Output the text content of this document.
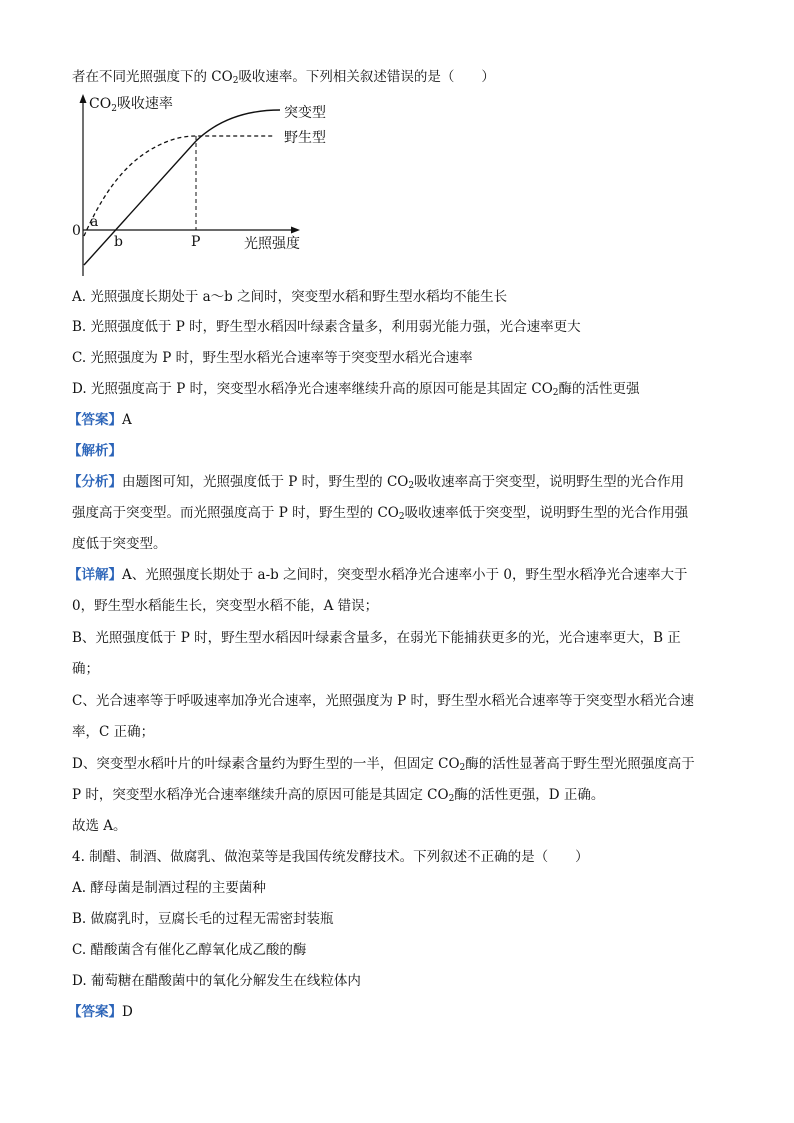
者在不同光照强度下的 $CO_2$吸收速率。下列相关叙述错误的是（　　）
$CO_2$吸收速率
0
a
b	P	光照强度
突变型
野生型
A. 光照强度长期处于 a～b 之间时，突变型水稻和野生型水稻均不能生长
B. 光照强度低于 P 时，野生型水稻因叶绿素含量多，利用弱光能力强，光合速率更大
C. 光照强度为 P 时，野生型水稻光合速率等于突变型水稻光合速率
D. 光照强度高于 P 时，突变型水稻净光合速率继续升高的原因可能是其固定 $CO_2$酶的活性更强
【答案】A
【解析】
【分析】由题图可知，光照强度低于 P 时，野生型的 $CO_2$吸收速率高于突变型，说明野生型的光合作用
强度高于突变型。而光照强度高于 P 时，野生型的 $CO_2$吸收速率低于突变型，说明野生型的光合作用强
度低于突变型。
【详解】A、光照强度长期处于 a-b 之间时，突变型水稻净光合速率小于 0，野生型水稻净光合速率大于
0，野生型水稻能生长，突变型水稻不能，A 错误；
B、光照强度低于 P 时，野生型水稻因叶绿素含量多，在弱光下能捕获更多的光，光合速率更大，B 正
确；
C、光合速率等于呼吸速率加净光合速率，光照强度为 P 时，野生型水稻光合速率等于突变型水稻光合速
率，C 正确；
D、突变型水稻叶片的叶绿素含量约为野生型的一半，但固定 $CO_2$酶的活性显著高于野生型光照强度高于
P 时，突变型水稻净光合速率继续升高的原因可能是其固定 $CO_2$酶的活性更强，D 正确。
故选 A。
4. 制醋、制酒、做腐乳、做泡菜等是我国传统发酵技术。下列叙述不正确的是（　　）
A. 酵母菌是制酒过程的主要菌种
B. 做腐乳时，豆腐长毛的过程无需密封装瓶
C. 醋酸菌含有催化乙醇氧化成乙酸的酶
D. 葡萄糖在醋酸菌中的氧化分解发生在线粒体内
【答案】D
